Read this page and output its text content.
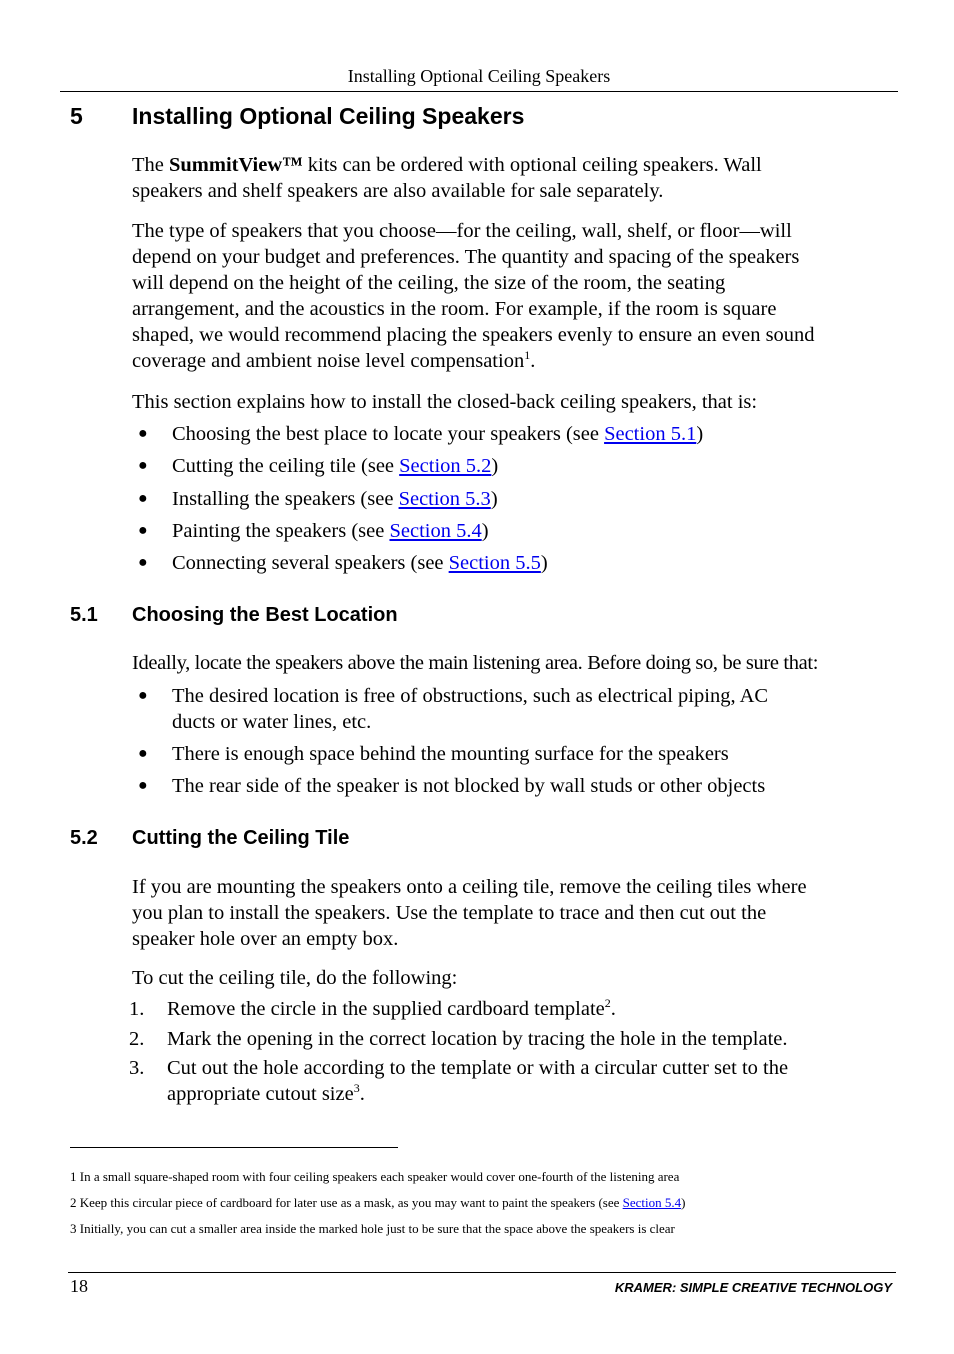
Installing Optional Ceiling Speakers
5 Installing Optional Ceiling Speakers
The SummitView™ kits can be ordered with optional ceiling speakers. Wall
speakers and shelf speakers are also available for sale separately.
The type of speakers that you choose—for the ceiling, wall, shelf, or floor—will
depend on your budget and preferences. The quantity and spacing of the speakers
will depend on the height of the ceiling, the size of the room, the seating
arrangement, and the acoustics in the room. For example, if the room is square
shaped, we would recommend placing the speakers evenly to ensure an even sound
coverage and ambient noise level compensation$^1$.
This section explains how to install the closed-back ceiling speakers, that is:
● Choosing the best place to locate your speakers (see Section 5.1)
● Cutting the ceiling tile (see Section 5.2)
● Installing the speakers (see Section 5.3)
● Painting the speakers (see Section 5.4)
● Connecting several speakers (see Section 5.5)
5.1 Choosing the Best Location
Ideally, locate the speakers above the main listening area. Before doing so, be sure that:
● The desired location is free of obstructions, such as electrical piping, AC
ducts or water lines, etc.
● There is enough space behind the mounting surface for the speakers
● The rear side of the speaker is not blocked by wall studs or other objects
5.2 Cutting the Ceiling Tile
If you are mounting the speakers onto a ceiling tile, remove the ceiling tiles where
you plan to install the speakers. Use the template to trace and then cut out the
speaker hole over an empty box.
To cut the ceiling tile, do the following:
1. Remove the circle in the supplied cardboard template$^2$.
2. Mark the opening in the correct location by tracing the hole in the template.
3. Cut out the hole according to the template or with a circular cutter set to the
appropriate cutout size$^3$.
1 In a small square-shaped room with four ceiling speakers each speaker would cover one-fourth of the listening area
2 Keep this circular piece of cardboard for later use as a mask, as you may want to paint the speakers (see Section 5.4)
3 Initially, you can cut a smaller area inside the marked hole just to be sure that the space above the speakers is clear
18	KRAMER: SIMPLE CREATIVE TECHNOLOGY
